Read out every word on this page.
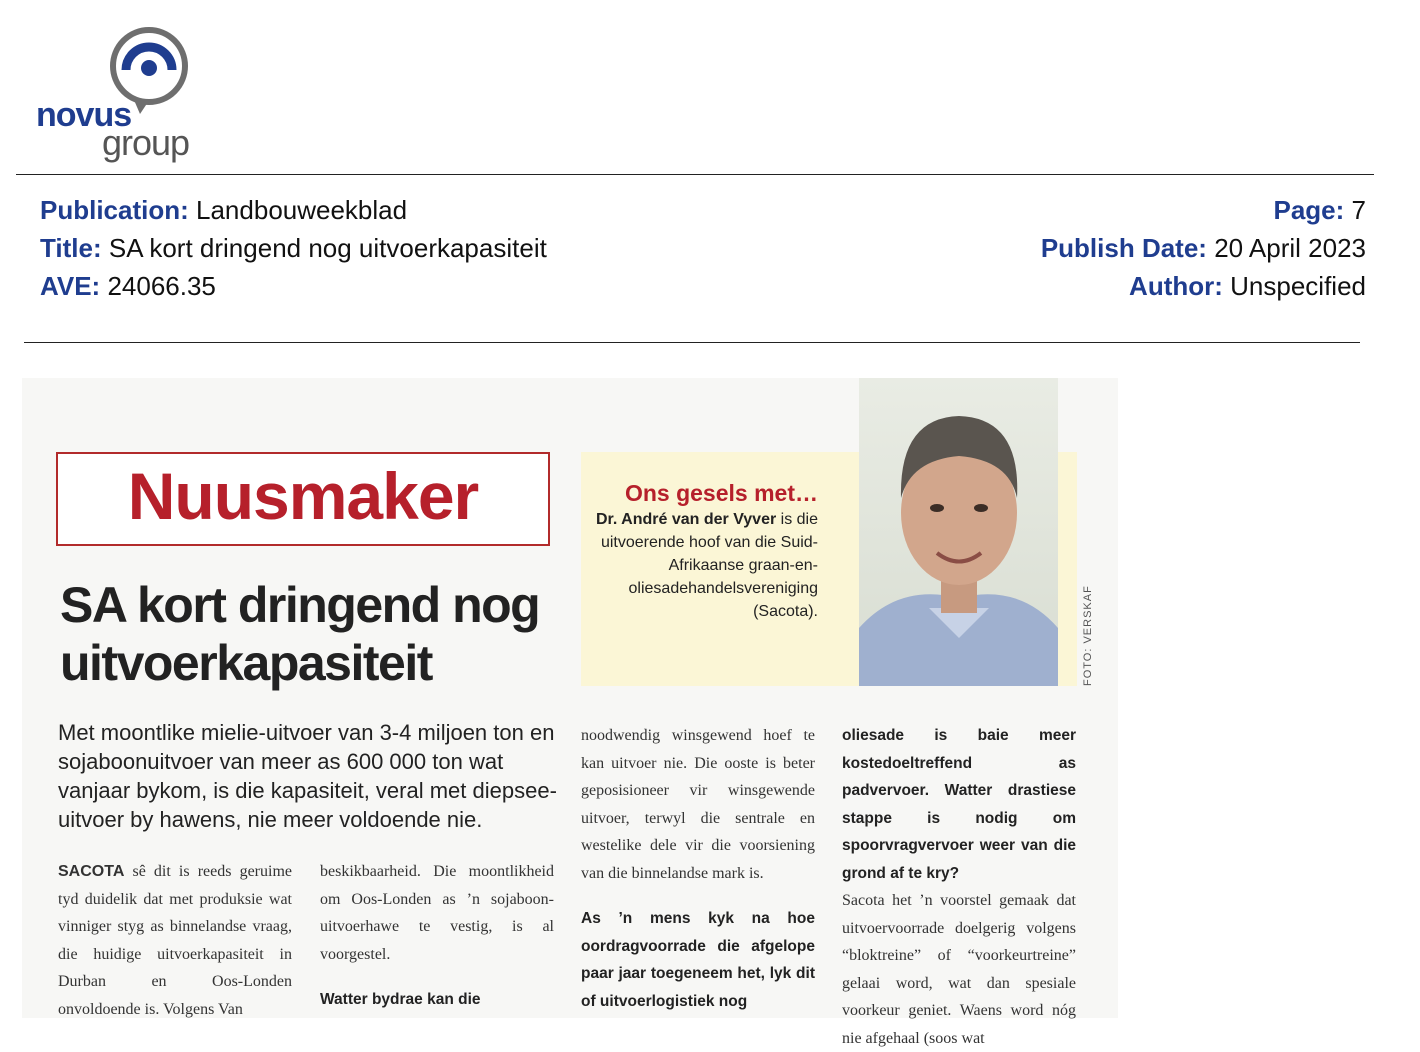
novus
group
Publication: Landbouweekblad
Title: SA kort dringend nog uitvoerkapasiteit
AVE: 24066.35
Page: 7
Publish Date: 20 April 2023
Author: Unspecified
Nuusmaker
SA kort dringend nog
uitvoerkapasiteit
Met moontlike mielie-uitvoer van 3-4 miljoen ton en sojaboonuitvoer van meer as 600 000 ton wat vanjaar bykom, is die kapasiteit, veral met diepsee-uitvoer by hawens, nie meer voldoende nie.
SACOTA sê dit is reeds geruime tyd duidelik dat met produksie wat vinniger styg as binnelandse vraag, die huidige uitvoerkapasiteit in Durban en Oos-Londen onvoldoende is. Volgens Van
beskikbaarheid. Die moontlikheid om Oos-Londen as ’n sojaboon-uitvoerhawe te vestig, is al voorgestel.
Watter bydrae kan die
noodwendig winsgewend hoef te kan uitvoer nie. Die ooste is beter geposisioneer vir winsgewende uitvoer, terwyl die sentrale en westelike dele vir die voorsiening van die binnelandse mark is.
As ’n mens kyk na hoe oordragvoorrade die afgelope paar jaar toegeneem het, lyk dit of uitvoerlogistiek nog
oliesade is baie meer kostedoeltreffend as padvervoer. Watter drastiese stappe is nodig om spoorvragvervoer weer van die grond af te kry?
Sacota het ’n voorstel gemaak dat uitvoervoorrade doelgerig volgens “bloktreine” of “voorkeurtreine” gelaai word, wat dan spesiale voorkeur geniet. Waens word nóg nie afgehaal (soos wat
Ons gesels met…
Dr. André van der Vyver is die uitvoerende hoof van die Suid-Afrikaanse graan-en-oliesadehandelsvereniging (Sacota).	FOTO: VERSKAF
